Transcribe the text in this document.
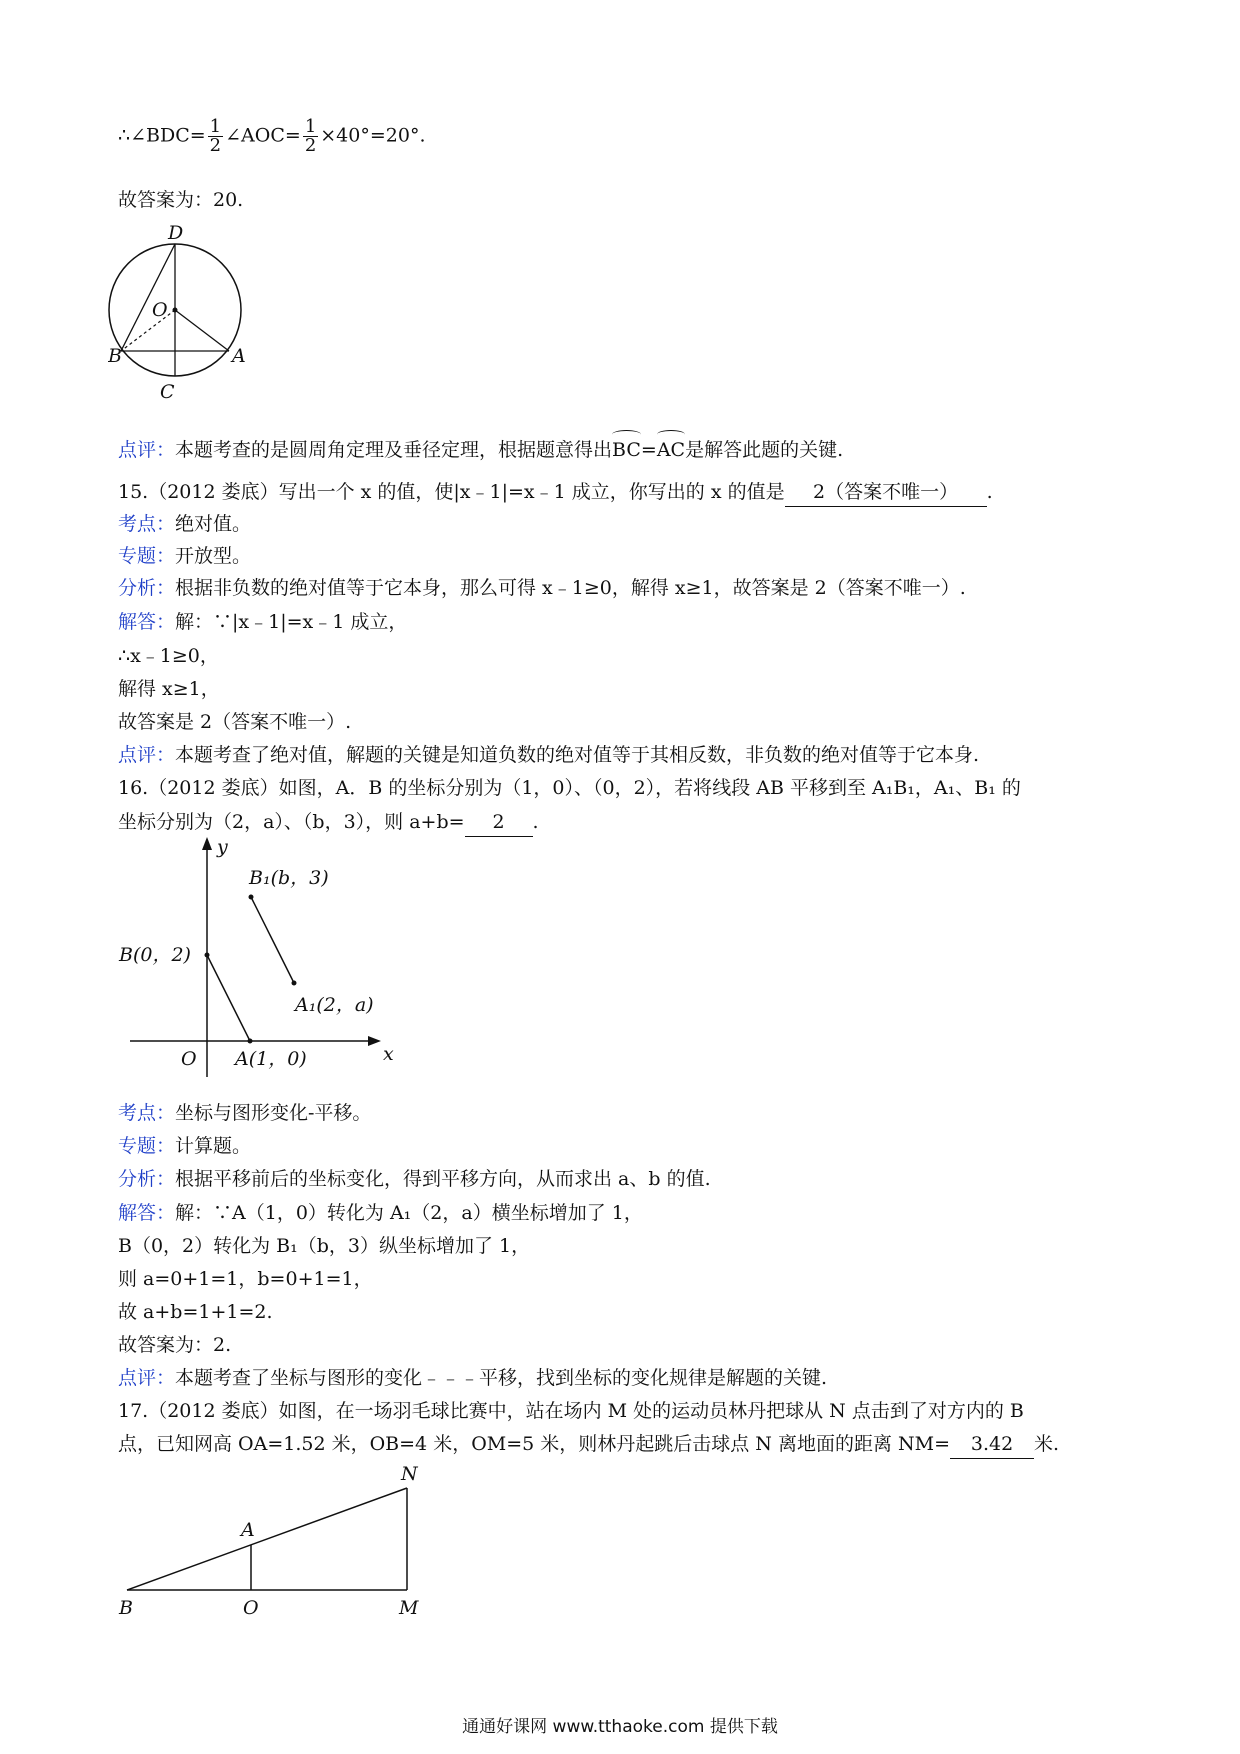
∴∠BDC= $\frac{1}{2}$ ∠AOC= $\frac{1}{2} \times 40^\circ=20^\circ$.
故答案为：20.
D
O
B	A
C
点评：本题考查的是圆周角定理及垂径定理，根据题意得出BC=AC是解答此题的关键.
15.（2012 娄底）写出一个 x 的值，使|x﹣1|=x﹣1 成立，你写出的 x 的值是 2（答案不唯一） .
考点：绝对值。
专题：开放型。
分析：根据非负数的绝对值等于它本身，那么可得 x﹣1≥0，解得 x≥1，故答案是 2（答案不唯一）.
解答：解：∵|x﹣1|=x﹣1 成立，
∴x﹣1≥0，
解得 x≥1，
故答案是 2（答案不唯一）.
点评：本题考查了绝对值，解题的关键是知道负数的绝对值等于其相反数，非负数的绝对值等于它本身.
16.（2012 娄底）如图，A．B 的坐标分别为（1，0）、（0，2），若将线段 AB 平移到至 A₁B₁，A₁、B₁ 的
坐标分别为（2，a）、（b，3），则 a+b= 2 .
y
x
O
B(0，2)
A(1，0)
B₁(b，3)
A₁(2，a)
考点：坐标与图形变化-平移。
专题：计算题。
分析：根据平移前后的坐标变化，得到平移方向，从而求出 a、b 的值.
解答：解：∵A（1，0）转化为 A₁（2，a）横坐标增加了 1，
B（0，2）转化为 B₁（b，3）纵坐标增加了 1，
则 a=0+1=1，b=0+1=1，
故 a+b=1+1=2.
故答案为：2.
点评：本题考查了坐标与图形的变化﹣﹣﹣平移，找到坐标的变化规律是解题的关键.
17.（2012 娄底）如图，在一场羽毛球比赛中，站在场内 M 处的运动员林丹把球从 N 点击到了对方内的 B
点，已知网高 OA=1.52 米，OB=4 米，OM=5 米，则林丹起跳后击球点 N 离地面的距离 NM= 3.42 米.
N
A
B	O	M
通通好课网 www.tthaoke.com 提供下载
